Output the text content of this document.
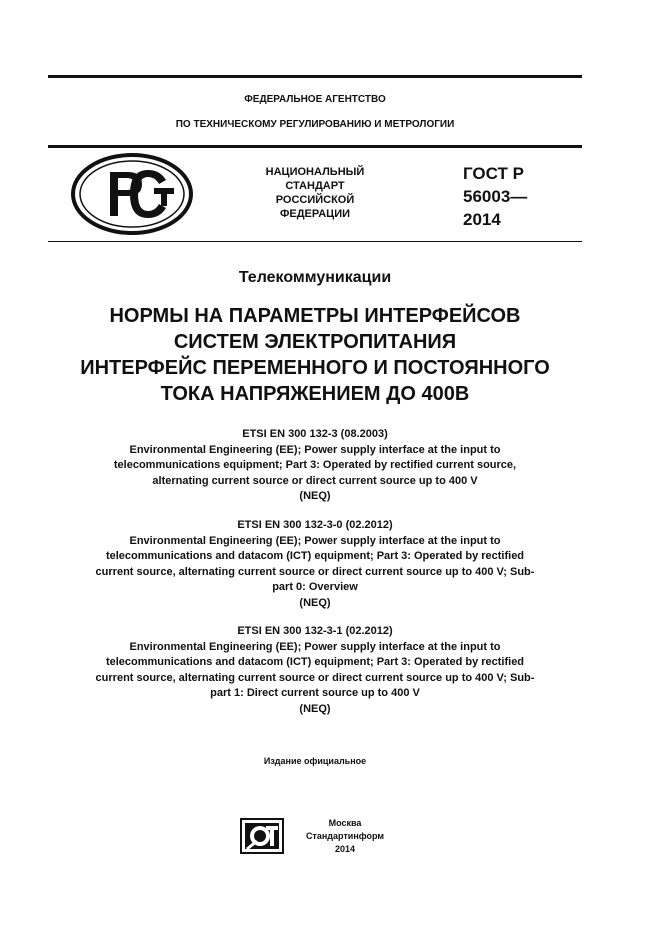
ФЕДЕРАЛЬНОЕ АГЕНТСТВО
ПО ТЕХНИЧЕСКОМУ РЕГУЛИРОВАНИЮ И МЕТРОЛОГИИ
НАЦИОНАЛЬНЫЙ
СТАНДАРТ
РОССИЙСКОЙ
ФЕДЕРАЦИИ
ГОСТ Р
56003—
2014
Телекоммуникации
НОРМЫ НА ПАРАМЕТРЫ ИНТЕРФЕЙСОВ
СИСТЕМ ЭЛЕКТРОПИТАНИЯ
ИНТЕРФЕЙС ПЕРЕМЕННОГО И ПОСТОЯННОГО
ТОКА НАПРЯЖЕНИЕМ ДО 400В
ETSI EN 300 132-3 (08.2003)
Environmental Engineering (EE); Power supply interface at the input to
telecommunications equipment; Part 3: Operated by rectified current source,
alternating current source or direct current source up to 400 V
(NEQ)
ETSI EN 300 132-3-0 (02.2012)
Environmental Engineering (EE); Power supply interface at the input to
telecommunications and datacom (ICT) equipment; Part 3: Operated by rectified
current source, alternating current source or direct current source up to 400 V; Sub-
part 0: Overview
(NEQ)
ETSI EN 300 132-3-1 (02.2012)
Environmental Engineering (EE); Power supply interface at the input to
telecommunications and datacom (ICT) equipment; Part 3: Operated by rectified
current source, alternating current source or direct current source up to 400 V; Sub-
part 1: Direct current source up to 400 V
(NEQ)
Издание официальное
Москва
Стандартинформ
2014
